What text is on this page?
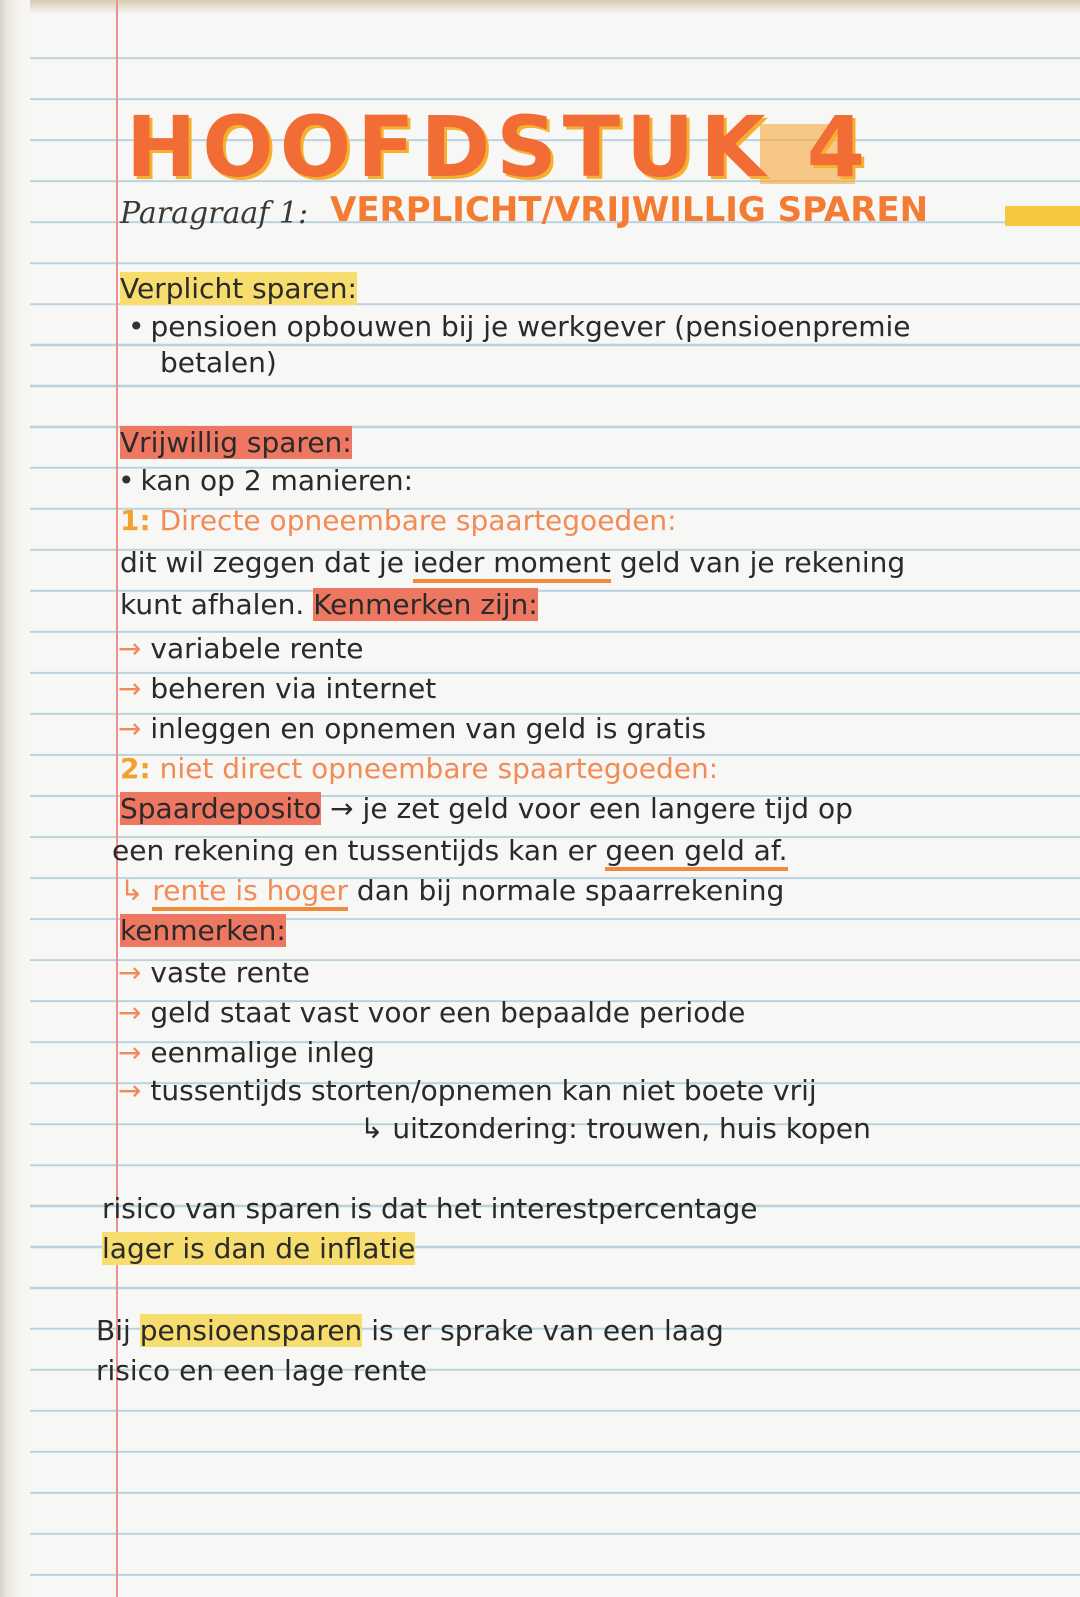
HOOFDSTUK 4
Paragraaf 1: VERPLICHT/VRIJWILLIG SPAREN
Verplicht sparen:
• pensioen opbouwen bij je werkgever (pensioenpremie
betalen)
Vrijwillig sparen:
• kan op 2 manieren:
1: Directe opneembare spaartegoeden:
dit wil zeggen dat je ieder moment geld van je rekening
kunt afhalen. Kenmerken zijn:
→ variabele rente
→ beheren via internet
→ inleggen en opnemen van geld is gratis
2: niet direct opneembare spaartegoeden:
Spaardeposito → je zet geld voor een langere tijd op
een rekening en tussentijds kan er geen geld af.
↳ rente is hoger dan bij normale spaarrekening
kenmerken:
→ vaste rente
→ geld staat vast voor een bepaalde periode
→ eenmalige inleg
→ tussentijds storten/opnemen kan niet boete vrij
↳ uitzondering: trouwen, huis kopen
risico van sparen is dat het interestpercentage
lager is dan de inflatie
Bij pensioensparen is er sprake van een laag
risico en een lage rente
